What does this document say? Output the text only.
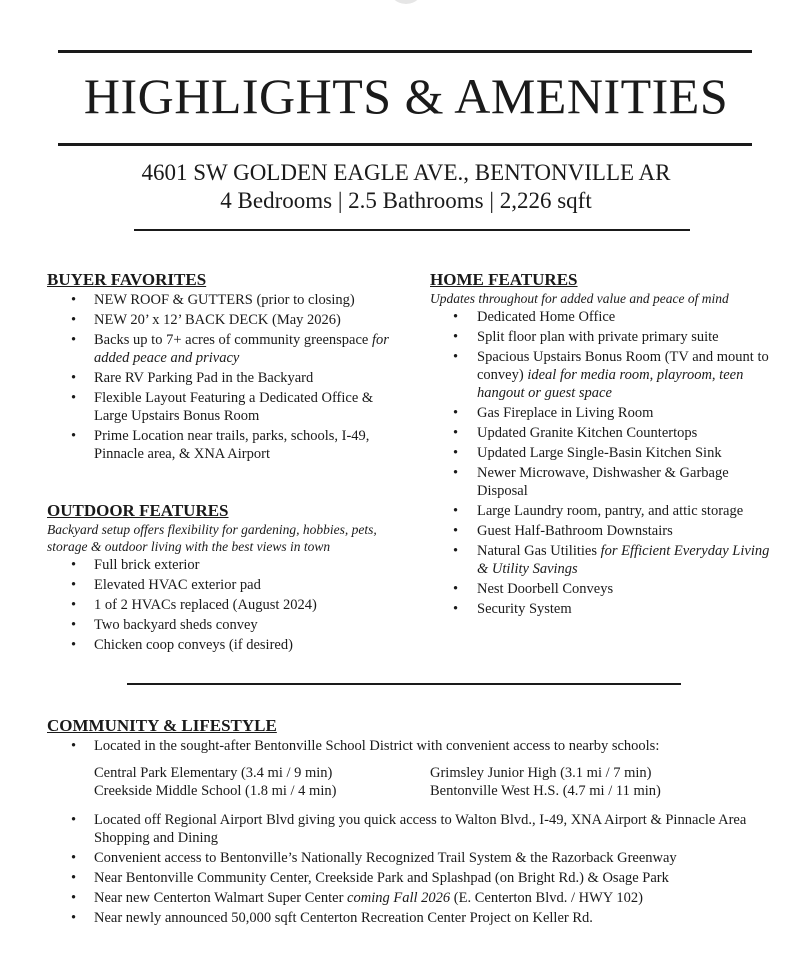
HIGHLIGHTS & AMENITIES
4601 SW GOLDEN EAGLE AVE., BENTONVILLE AR
4 Bedrooms | 2.5 Bathrooms | 2,226 sqft
BUYER FAVORITES
• NEW ROOF & GUTTERS (prior to closing)
• NEW 20’ x 12’ BACK DECK (May 2026)
• Backs up to 7+ acres of community greenspace for added peace and privacy
• Rare RV Parking Pad in the Backyard
• Flexible Layout Featuring a Dedicated Office & Large Upstairs Bonus Room
• Prime Location near trails, parks, schools, I-49, Pinnacle area, & XNA Airport
OUTDOOR FEATURES

Backyard setup offers flexibility for gardening, hobbies, pets, storage & outdoor living with the best views in town

• Full brick exterior
• Elevated HVAC exterior pad
• 1 of 2 HVACs replaced (August 2024)
• Two backyard sheds convey
• Chicken coop conveys (if desired)
HOME FEATURES

Updates throughout for added value and peace of mind

• Dedicated Home Office
• Split floor plan with private primary suite
• Spacious Upstairs Bonus Room (TV and mount to convey) ideal for media room, playroom, teen hangout or guest space
• Gas Fireplace in Living Room
• Updated Granite Kitchen Countertops
• Updated Large Single-Basin Kitchen Sink
• Newer Microwave, Dishwasher & Garbage Disposal
• Large Laundry room, pantry, and attic storage
• Guest Half-Bathroom Downstairs
• Natural Gas Utilities for Efficient Everyday Living & Utility Savings
• Nest Doorbell Conveys
• Security System
COMMUNITY & LIFESTYLE
• Located in the sought-after Bentonville School District with convenient access to nearby schools:
Central Park Elementary (3.4 mi / 9 min)	Grimsley Junior High (3.1 mi / 7 min)
Creekside Middle School (1.8 mi / 4 min)	Bentonville West H.S. (4.7 mi / 11 min)
• Located off Regional Airport Blvd giving you quick access to Walton Blvd., I-49, XNA Airport & Pinnacle Area Shopping and Dining
• Convenient access to Bentonville’s Nationally Recognized Trail System & the Razorback Greenway
• Near Bentonville Community Center, Creekside Park and Splashpad (on Bright Rd.) & Osage Park
• Near new Centerton Walmart Super Center coming Fall 2026 (E. Centerton Blvd. / HWY 102)
• Near newly announced 50,000 sqft Centerton Recreation Center Project on Keller Rd.
